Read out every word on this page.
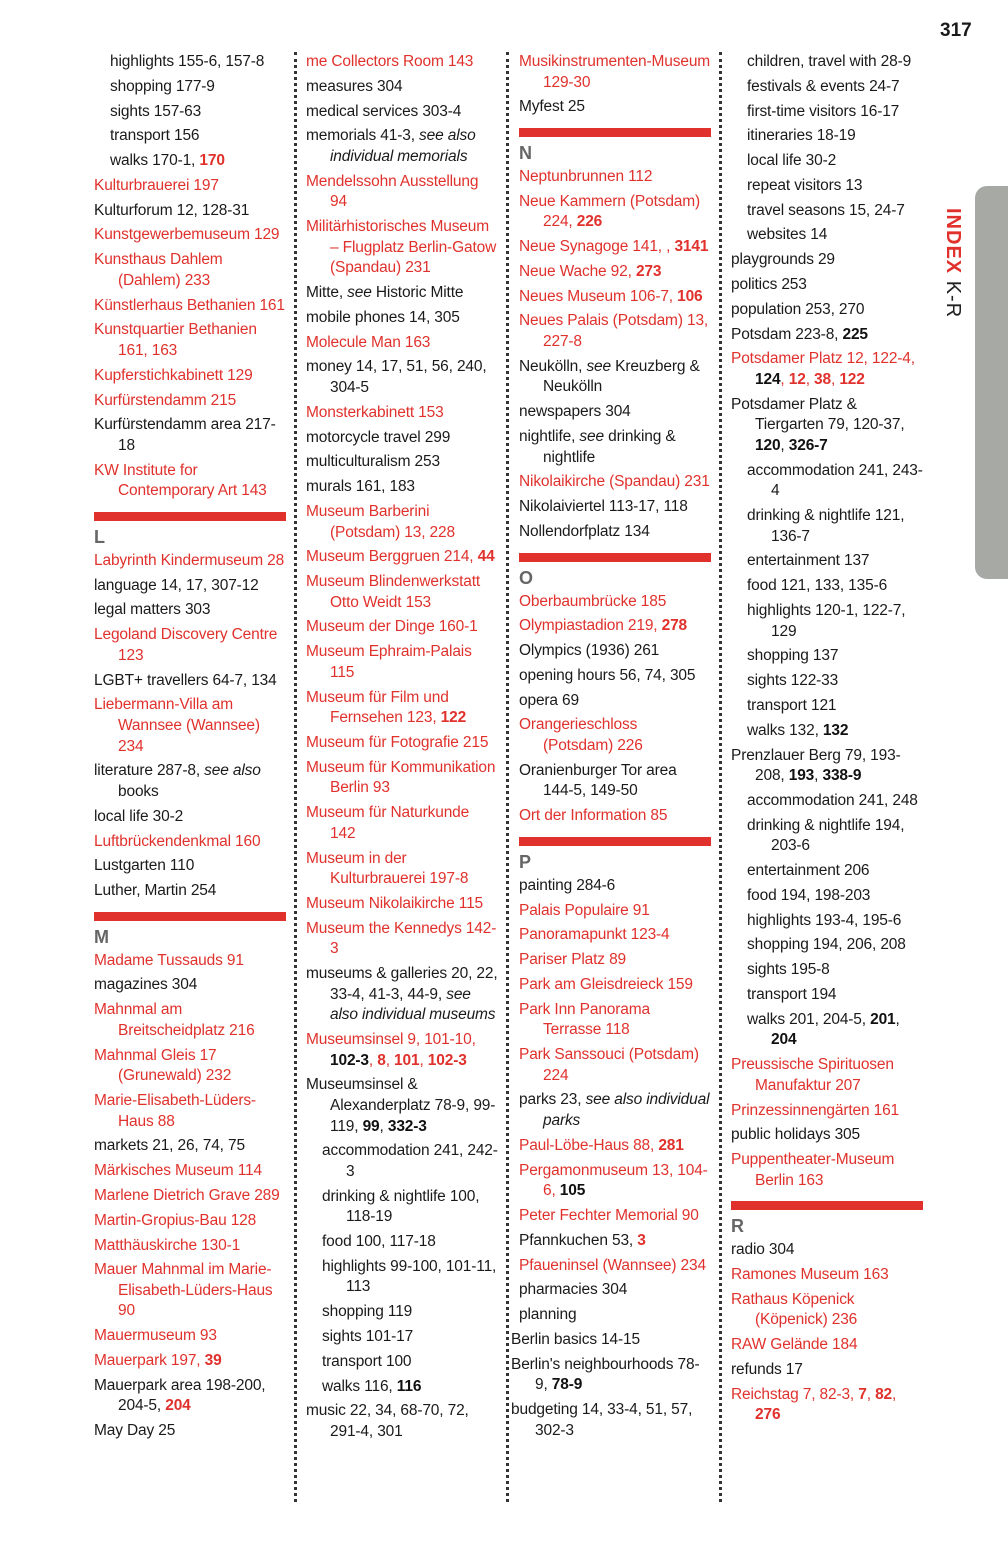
317
INDEX K-R
highlights 155-6, 157-8
shopping 177-9
sights 157-63
transport 156
walks 170-1, 170
Kulturbrauerei 197
Kulturforum 12, 128-31
Kunstgewerbemuseum 129
Kunsthaus Dahlem (Dahlem) 233
Künstlerhaus Bethanien 161
Kunstquartier Bethanien 161, 163
Kupferstichkabinett 129
Kurfürstendamm 215
Kurfürstendamm area 217-18
KW Institute for Contemporary Art 143
L
Labyrinth Kindermuseum 28
language 14, 17, 307-12
legal matters 303
Legoland Discovery Centre 123
LGBT+ travellers 64-7, 134
Liebermann-Villa am Wannsee (Wannsee) 234
literature 287-8, see also books
local life 30-2
Luftbrückendenkmal 160
Lustgarten 110
Luther, Martin 254
M
Madame Tussauds 91
magazines 304
Mahnmal am Breitscheidplatz 216
Mahnmal Gleis 17 (Grunewald) 232
Marie-Elisabeth-Lüders-Haus 88
markets 21, 26, 74, 75
Märkisches Museum 114
Marlene Dietrich Grave 289
Martin-Gropius-Bau 128
Matthäuskirche 130-1
Mauer Mahnmal im Marie-Elisabeth-Lüders-Haus 90
Mauermuseum 93
Mauerpark 197, 39
Mauerpark area 198-200, 204-5, 204
May Day 25
me Collectors Room 143
measures 304
medical services 303-4
memorials 41-3, see also individual memorials
Mendelssohn Ausstellung 94
Militärhistorisches Museum – Flugplatz Berlin-Gatow (Spandau) 231
Mitte, see Historic Mitte
mobile phones 14, 305
Molecule Man 163
money 14, 17, 51, 56, 240, 304-5
Monsterkabinett 153
motorcycle travel 299
multiculturalism 253
murals 161, 183
Museum Barberini (Potsdam) 13, 228
Museum Berggruen 214, 44
Museum Blindenwerkstatt Otto Weidt 153
Museum der Dinge 160-1
Museum Ephraim-Palais 115
Museum für Film und Fernsehen 123, 122
Museum für Fotografie 215
Museum für Kommunikation Berlin 93
Museum für Naturkunde 142
Museum in der Kulturbrauerei 197-8
Museum Nikolaikirche 115
Museum the Kennedys 142-3
museums & galleries 20, 22, 33-4, 41-3, 44-9, see also individual museums
Museumsinsel 9, 101-10, 102-3, 8, 101, 102-3
Museumsinsel & Alexanderplatz 78-9, 99-119, 99, 332-3
accommodation 241, 242-3
drinking & nightlife 100, 118-19
food 100, 117-18
highlights 99-100, 101-11, 113
shopping 119
sights 101-17
transport 100
walks 116, 116
music 22, 34, 68-70, 72, 291-4, 301
Musikinstrumenten-Museum 129-30
Myfest 25
N
Neptunbrunnen 112
Neue Kammern (Potsdam) 224, 226
Neue Synagoge 141, , 3141
Neue Wache 92, 273
Neues Museum 106-7, 106
Neues Palais (Potsdam) 13, 227-8
Neukölln, see Kreuzberg & Neukölln
newspapers 304
nightlife, see drinking & nightlife
Nikolaikirche (Spandau) 231
Nikolaiviertel 113-17, 118
Nollendorfplatz 134
O
Oberbaumbrücke 185
Olympiastadion 219, 278
Olympics (1936) 261
opening hours 56, 74, 305
opera 69
Orangerieschloss (Potsdam) 226
Oranienburger Tor area 144-5, 149-50
Ort der Information 85
P
painting 284-6
Palais Populaire 91
Panoramapunkt 123-4
Pariser Platz 89
Park am Gleisdreieck 159
Park Inn Panorama Terrasse 118
Park Sanssouci (Potsdam) 224
parks 23, see also individual parks
Paul-Löbe-Haus 88, 281
Pergamonmuseum 13, 104-6, 105
Peter Fechter Memorial 90
Pfannkuchen 53, 3
Pfaueninsel (Wannsee) 234
pharmacies 304
planning
Berlin basics 14-15
Berlin's neighbourhoods 78-9, 78-9
budgeting 14, 33-4, 51, 57, 302-3
children, travel with 28-9
festivals & events 24-7
first-time visitors 16-17
itineraries 18-19
local life 30-2
repeat visitors 13
travel seasons 15, 24-7
websites 14
playgrounds 29
politics 253
population 253, 270
Potsdam 223-8, 225
Potsdamer Platz 12, 122-4, 124, 12, 38, 122
Potsdamer Platz & Tiergarten 79, 120-37, 120, 326-7
accommodation 241, 243-4
drinking & nightlife 121, 136-7
entertainment 137
food 121, 133, 135-6
highlights 120-1, 122-7, 129
shopping 137
sights 122-33
transport 121
walks 132, 132
Prenzlauer Berg 79, 193-208, 193, 338-9
accommodation 241, 248
drinking & nightlife 194, 203-6
entertainment 206
food 194, 198-203
highlights 193-4, 195-6
shopping 194, 206, 208
sights 195-8
transport 194
walks 201, 204-5, 201, 204
Preussische Spirituosen Manufaktur 207
Prinzessinnengärten 161
public holidays 305
Puppentheater-Museum Berlin 163
R
radio 304
Ramones Museum 163
Rathaus Köpenick (Köpenick) 236
RAW Gelände 184
refunds 17
Reichstag 7, 82-3, 7, 82, 276
